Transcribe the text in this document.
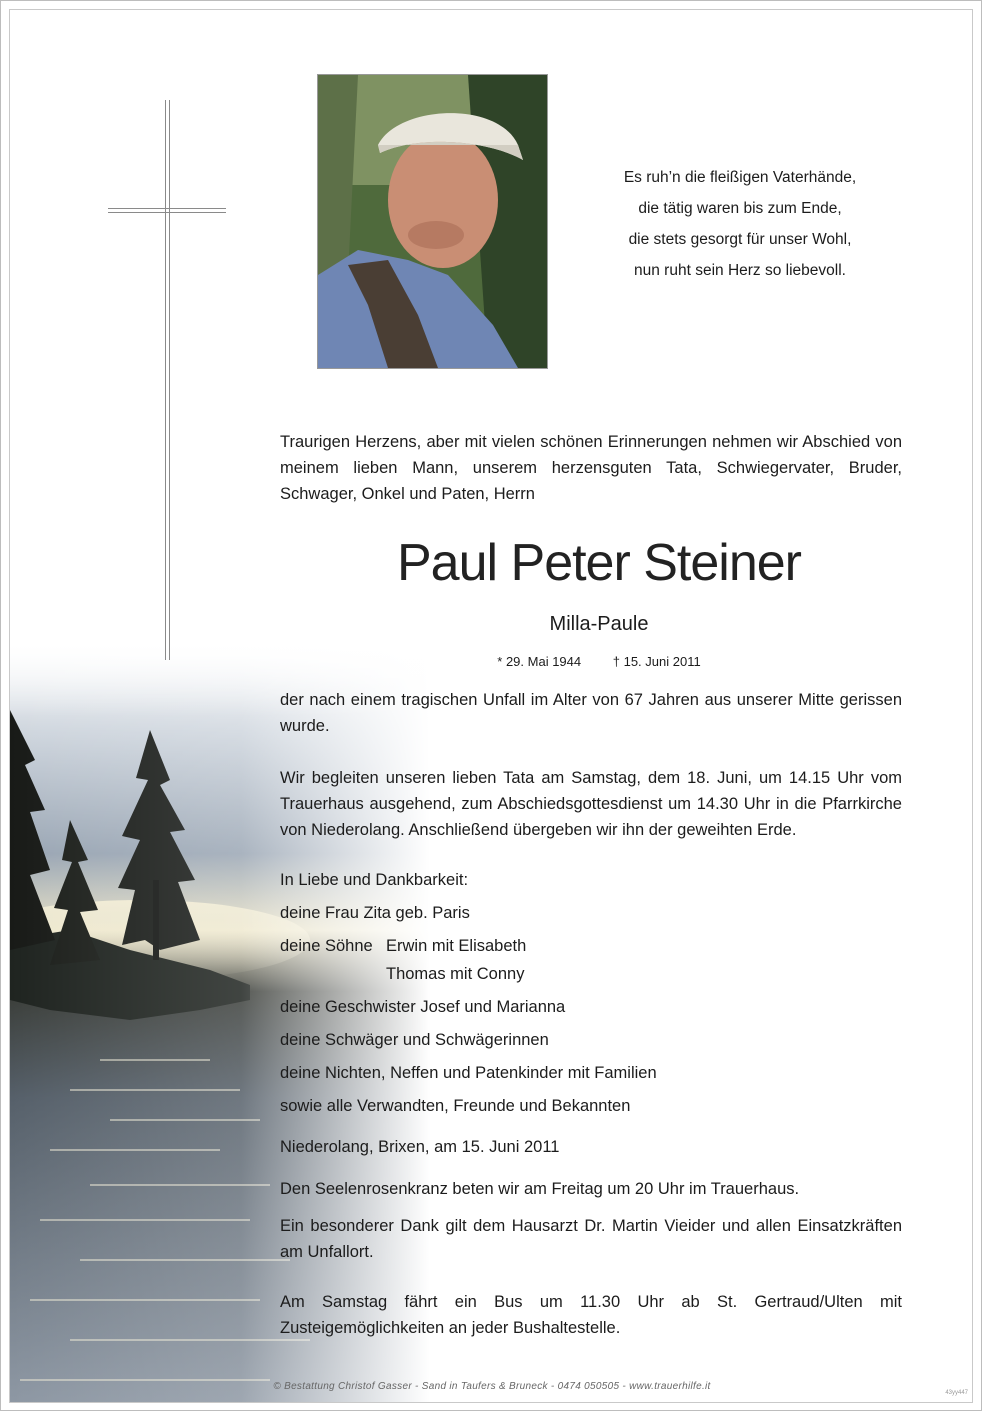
Es ruh’n die fleißigen Vaterhände,
die tätig waren bis zum Ende,
die stets gesorgt für unser Wohl,
nun ruht sein Herz so liebevoll.
Traurigen Herzens, aber mit vielen schönen Erinnerungen nehmen wir Abschied von meinem lieben Mann, unserem herzensguten Tata, Schwiegervater, Bruder, Schwager, Onkel und Paten, Herrn
Paul Peter Steiner
Milla-Paule
* 29. Mai 1944 † 15. Juni 2011
der nach einem tragischen Unfall im Alter von 67 Jahren aus unserer Mitte gerissen wurde.
Wir begleiten unseren lieben Tata am Samstag, dem 18. Juni, um 14.15 Uhr vom Trauerhaus ausgehend, zum Abschiedsgottesdienst um 14.30 Uhr in die Pfarrkirche von Niederolang. Anschließend übergeben wir ihn der geweihten Erde.
In Liebe und Dankbarkeit:
deine Frau Zita geb. Paris
deine Söhne Erwin mit Elisabeth
Thomas mit Conny
deine Geschwister Josef und Marianna
deine Schwäger und Schwägerinnen
deine Nichten, Neffen und Patenkinder mit Familien
sowie alle Verwandten, Freunde und Bekannten
Niederolang, Brixen, am 15. Juni 2011
Den Seelenrosenkranz beten wir am Freitag um 20 Uhr im Trauerhaus.
Ein besonderer Dank gilt dem Hausarzt Dr. Martin Vieider und allen Einsatzkräften am Unfallort.
Am Samstag fährt ein Bus um 11.30 Uhr ab St. Gertraud/Ulten mit Zusteigemöglichkeiten an jeder Bushaltestelle.
© Bestattung Christof Gasser - Sand in Taufers & Bruneck - 0474 050505 - www.trauerhilfe.it
43yy447
